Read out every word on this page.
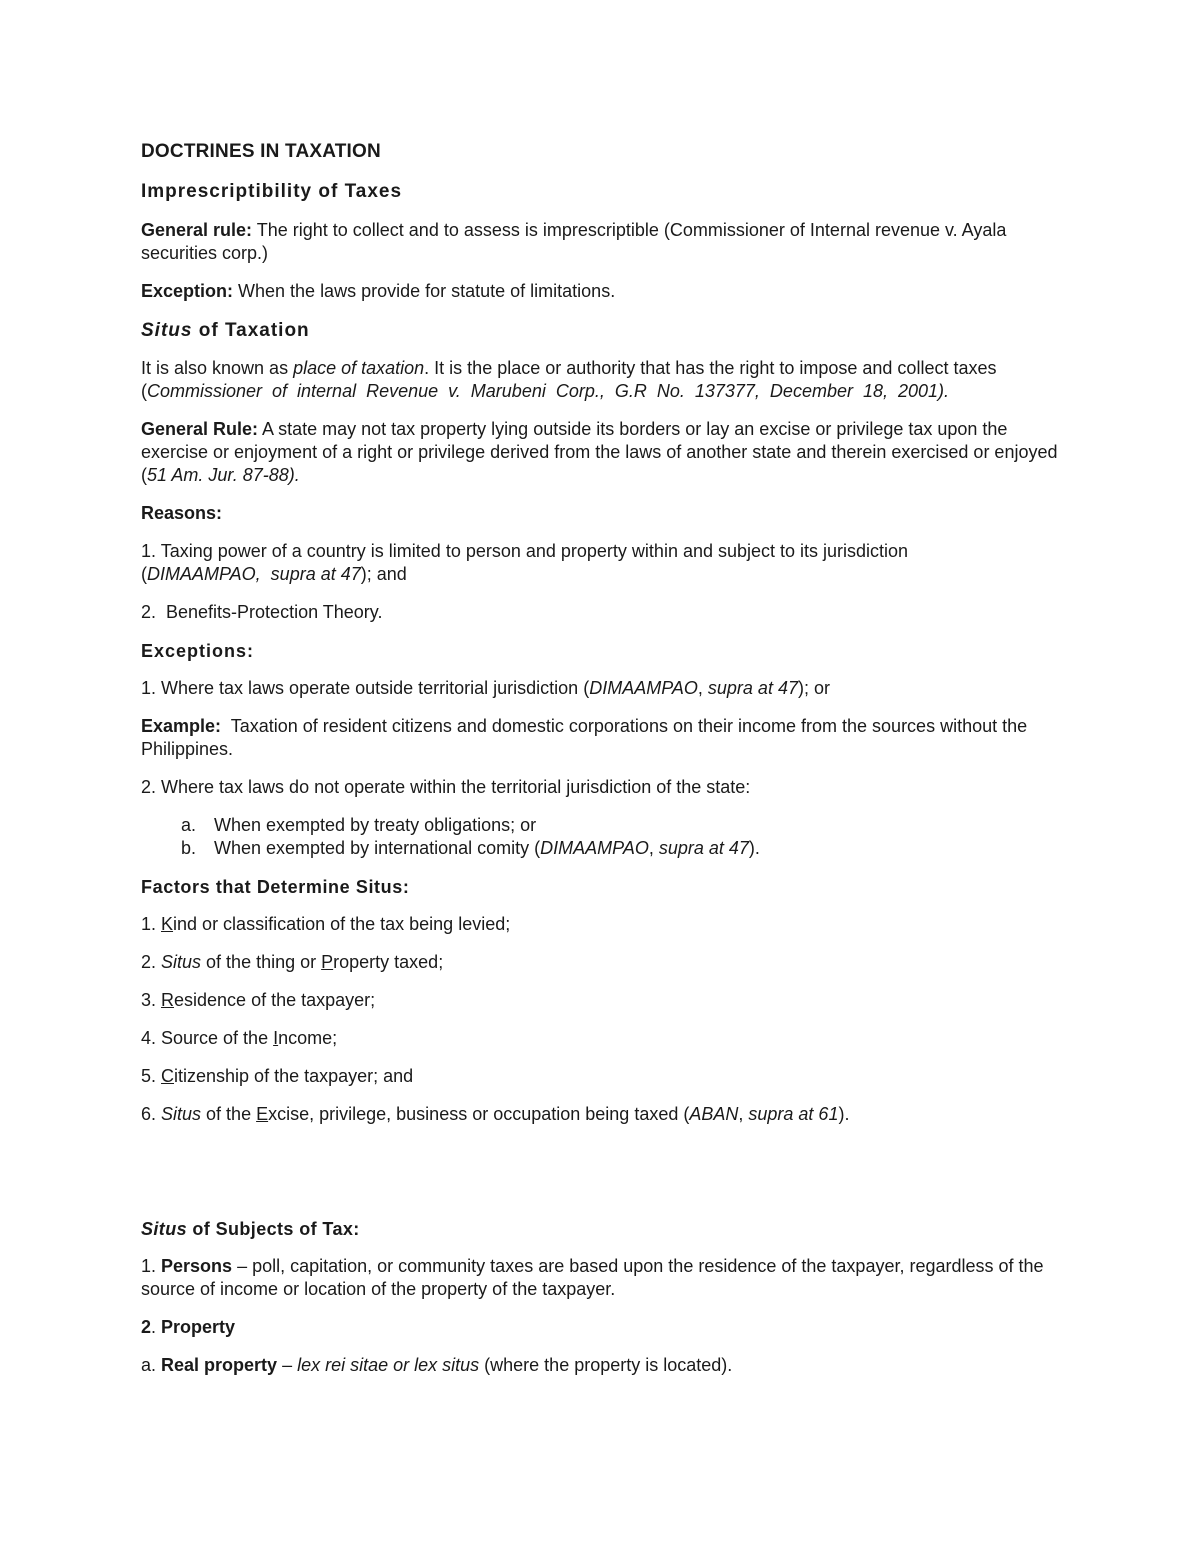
DOCTRINES IN TAXATION
Imprescriptibility of Taxes

General rule: The right to collect and to assess is imprescriptible (Commissioner of Internal revenue v. Ayala securities corp.)

Exception: When the laws provide for statute of limitations.

Situs of Taxation

It is also known as place of taxation. It is the place or authority that has the right to impose and collect taxes (Commissioner of internal Revenue v. Marubeni Corp., G.R No. 137377, December 18, 2001).

General Rule: A state may not tax property lying outside its borders or lay an excise or privilege tax upon the exercise or enjoyment of a right or privilege derived from the laws of another state and therein exercised or enjoyed (51 Am. Jur. 87-88).

Reasons:

1. Taxing power of a country is limited to person and property within and subject to its jurisdiction (DIMAAMPAO,  supra at 47); and

2.  Benefits-Protection Theory.

Exceptions:

1. Where tax laws operate outside territorial jurisdiction (DIMAAMPAO, supra at 47); or

Example:  Taxation of resident citizens and domestic corporations on their income from the sources without the Philippines.

2. Where tax laws do not operate within the territorial jurisdiction of the state:

a. When exempted by treaty obligations; or
b. When exempted by international comity (DIMAAMPAO, supra at 47).
Factors that Determine Situs:

1. Kind or classification of the tax being levied;

2. Situs of the thing or Property taxed;

3. Residence of the taxpayer;

4. Source of the Income;

5. Citizenship of the taxpayer; and

6. Situs of the Excise, privilege, business or occupation being taxed (ABAN, supra at 61).

Situs of Subjects of Tax:

1. Persons – poll, capitation, or community taxes are based upon the residence of the taxpayer, regardless of the source of income or location of the property of the taxpayer.

2. Property

a. Real property – lex rei sitae or lex situs (where the property is located).
